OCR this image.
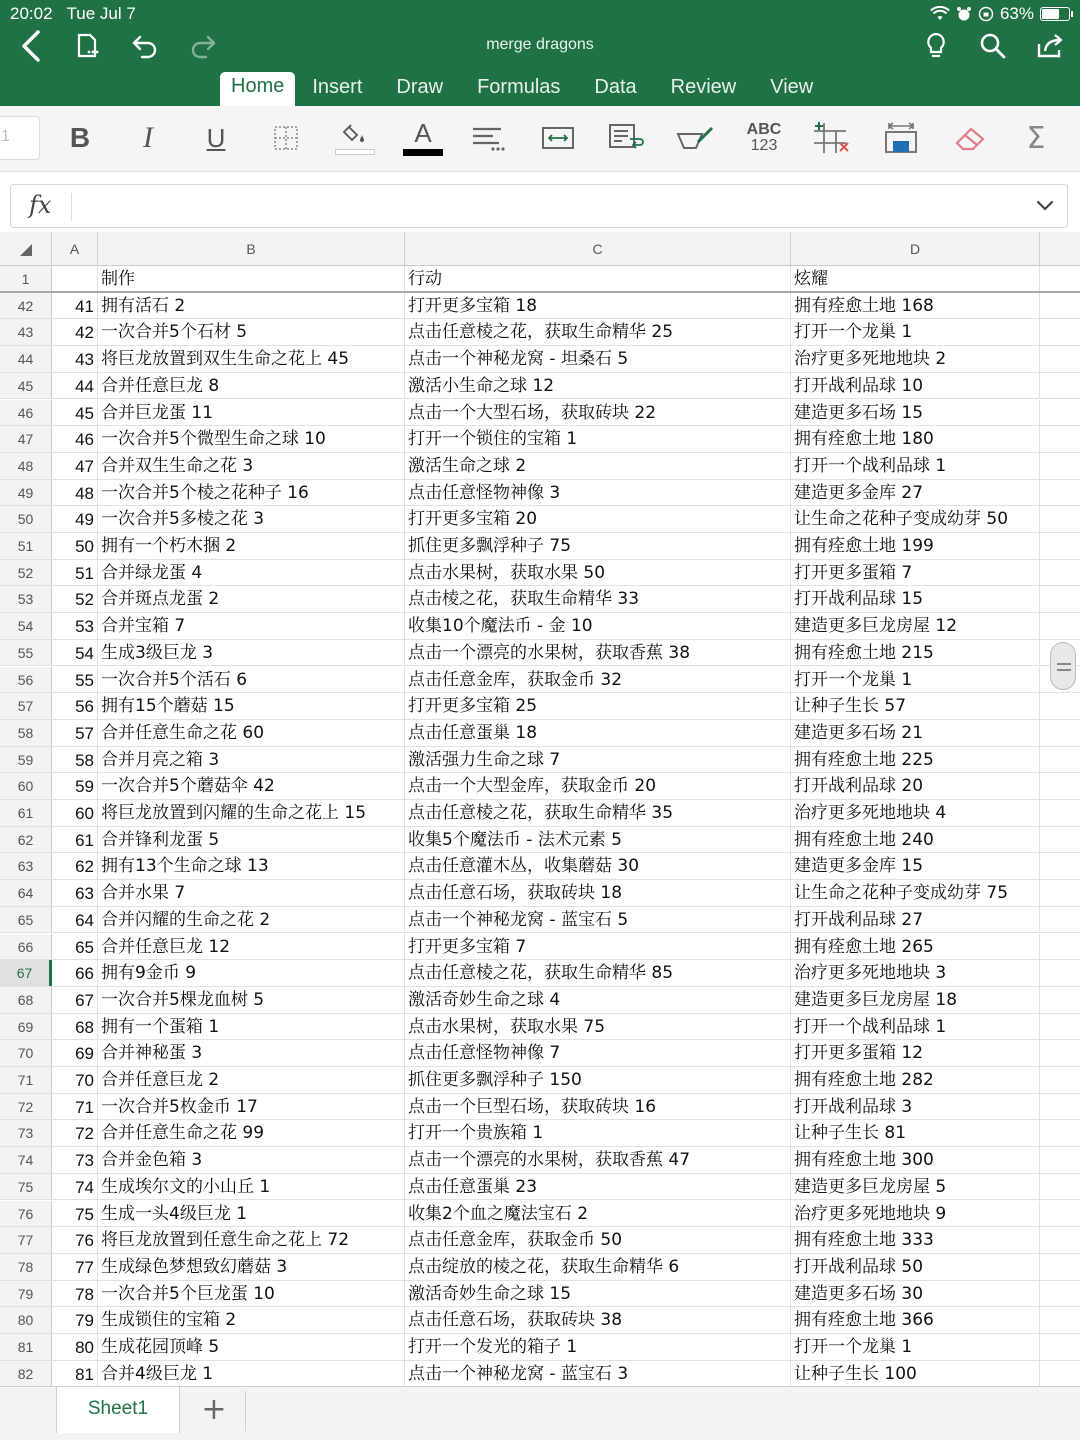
20:02 Tue Jul 7	63%
merge dragons
Home	Insert	Draw	Formulas	Data	Review	View
1	B	I	U	A	ABC
123	Σ
fx
A	B	C	D
1	制作	行动	炫耀
42	41 拥有活石 2	打开更多宝箱 18	拥有痊愈土地 168
43	42 一次合并5个石材 5	点击任意棱之花，获取生命精华 25	打开一个龙巢 1
44	43 将巨龙放置到双生生命之花上 45	点击一个神秘龙窝 - 坦桑石 5	治疗更多死地地块 2
45	44 合并任意巨龙 8	激活小生命之球 12	打开战利品球 10
46	45 合并巨龙蛋 11	点击一个大型石场，获取砖块 22	建造更多石场 15
47	46 一次合并5个微型生命之球 10	打开一个锁住的宝箱 1	拥有痊愈土地 180
48	47 合并双生生命之花 3	激活生命之球 2	打开一个战利品球 1
49	48 一次合并5个棱之花种子 16	点击任意怪物神像 3	建造更多金库 27
50	49 一次合并5多棱之花 3	打开更多宝箱 20	让生命之花种子变成幼芽 50
51	50 拥有一个朽木捆 2	抓住更多飘浮种子 75	拥有痊愈土地 199
52	51 合并绿龙蛋 4	点击水果树，获取水果 50	打开更多蛋箱 7
53	52 合并斑点龙蛋 2	点击棱之花，获取生命精华 33	打开战利品球 15
54	53 合并宝箱 7	收集10个魔法币 - 金 10	建造更多巨龙房屋 12
55	54 生成3级巨龙 3	点击一个漂亮的水果树，获取香蕉 38	拥有痊愈土地 215
56	55 一次合并5个活石 6	点击任意金库，获取金币 32	打开一个龙巢 1
57	56 拥有15个蘑菇 15	打开更多宝箱 25	让种子生长 57
58	57 合并任意生命之花 60	点击任意蛋巢 18	建造更多石场 21
59	58 合并月亮之箱 3	激活强力生命之球 7	拥有痊愈土地 225
60	59 一次合并5个蘑菇伞 42	点击一个大型金库，获取金币 20	打开战利品球 20
61	60 将巨龙放置到闪耀的生命之花上 15	点击任意棱之花，获取生命精华 35	治疗更多死地地块 4
62	61 合并锋利龙蛋 5	收集5个魔法币 - 法术元素 5	拥有痊愈土地 240
63	62 拥有13个生命之球 13	点击任意灌木丛，收集蘑菇 30	建造更多金库 15
64	63 合并水果 7	点击任意石场，获取砖块 18	让生命之花种子变成幼芽 75
65	64 合并闪耀的生命之花 2	点击一个神秘龙窝 - 蓝宝石 5	打开战利品球 27
66	65 合并任意巨龙 12	打开更多宝箱 7	拥有痊愈土地 265
67	66 拥有9金币 9	点击任意棱之花，获取生命精华 85	治疗更多死地地块 3
68	67 一次合并5棵龙血树 5	激活奇妙生命之球 4	建造更多巨龙房屋 18
69	68 拥有一个蛋箱 1	点击水果树，获取水果 75	打开一个战利品球 1
70	69 合并神秘蛋 3	点击任意怪物神像 7	打开更多蛋箱 12
71	70 合并任意巨龙 2	抓住更多飘浮种子 150	拥有痊愈土地 282
72	71 一次合并5枚金币 17	点击一个巨型石场，获取砖块 16	打开战利品球 3
73	72 合并任意生命之花 99	打开一个贵族箱 1	让种子生长 81
74	73 合并金色箱 3	点击一个漂亮的水果树，获取香蕉 47	拥有痊愈土地 300
75	74 生成埃尔文的小山丘 1	点击任意蛋巢 23	建造更多巨龙房屋 5
76	75 生成一头4级巨龙 1	收集2个血之魔法宝石 2	治疗更多死地地块 9
77	76 将巨龙放置到任意生命之花上 72	点击任意金库，获取金币 50	拥有痊愈土地 333
78	77 生成绿色梦想致幻蘑菇 3	点击绽放的棱之花，获取生命精华 6	打开战利品球 50
79	78 一次合并5个巨龙蛋 10	激活奇妙生命之球 15	建造更多石场 30
80	79 生成锁住的宝箱 2	点击任意石场，获取砖块 38	拥有痊愈土地 366
81	80 生成花园顶峰 5	打开一个发光的箱子 1	打开一个龙巢 1
82	81 合并4级巨龙 1	点击一个神秘龙窝 - 蓝宝石 3	让种子生长 100
Sheet1	+
